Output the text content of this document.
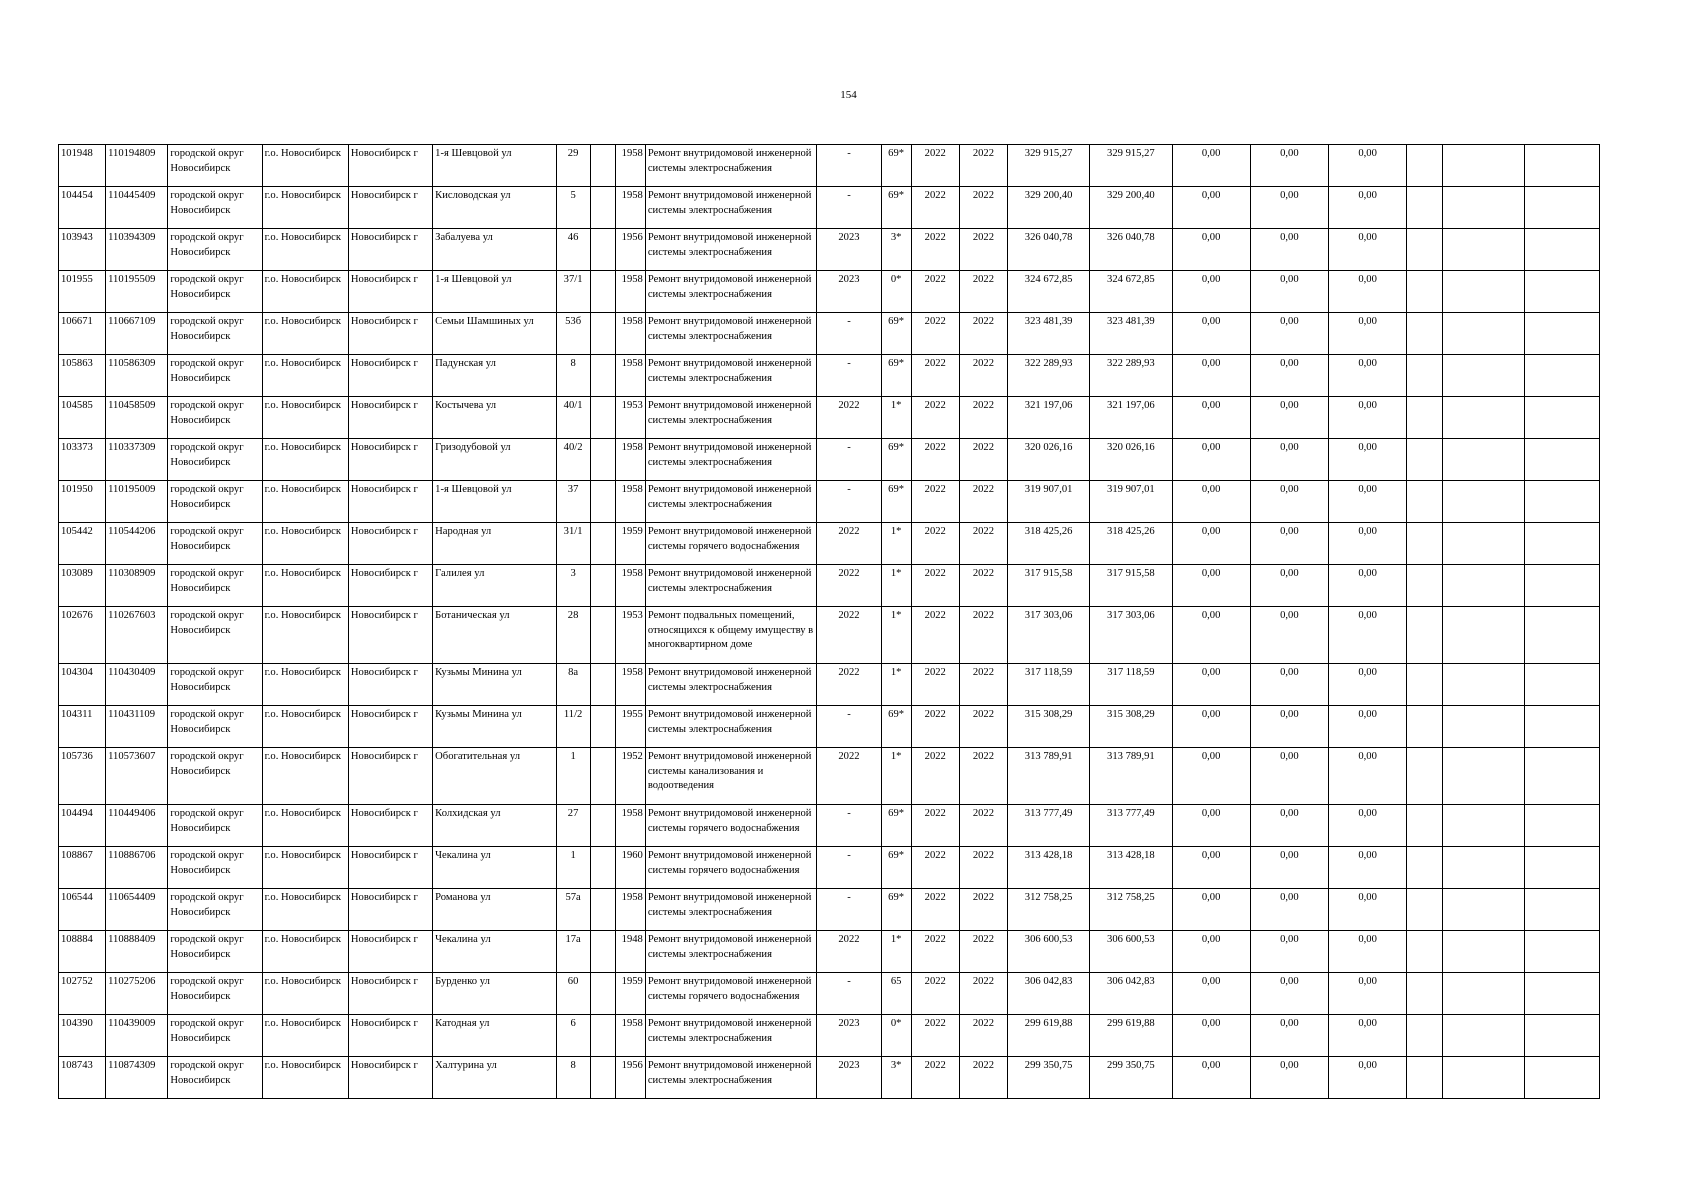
154
101948	110194809	городской округ Новосибирск	г.о. Новосибирск	Новосибирск г	1-я Шевцовой ул	29		1958	Ремонт внутридомовой инженерной системы электроснабжения	-	69*	2022	2022	329 915,27	329 915,27	0,00	0,00	0,00			
104454	110445409	городской округ Новосибирск	г.о. Новосибирск	Новосибирск г	Кисловодская ул	5		1958	Ремонт внутридомовой инженерной системы электроснабжения	-	69*	2022	2022	329 200,40	329 200,40	0,00	0,00	0,00			
103943	110394309	городской округ Новосибирск	г.о. Новосибирск	Новосибирск г	Забалуева ул	46		1956	Ремонт внутридомовой инженерной системы электроснабжения	2023	3*	2022	2022	326 040,78	326 040,78	0,00	0,00	0,00			
101955	110195509	городской округ Новосибирск	г.о. Новосибирск	Новосибирск г	1-я Шевцовой ул	37/1		1958	Ремонт внутридомовой инженерной системы электроснабжения	2023	0*	2022	2022	324 672,85	324 672,85	0,00	0,00	0,00			
106671	110667109	городской округ Новосибирск	г.о. Новосибирск	Новосибирск г	Семьи Шамшиных ул	53б		1958	Ремонт внутридомовой инженерной системы электроснабжения	-	69*	2022	2022	323 481,39	323 481,39	0,00	0,00	0,00			
105863	110586309	городской округ Новосибирск	г.о. Новосибирск	Новосибирск г	Падунская ул	8		1958	Ремонт внутридомовой инженерной системы электроснабжения	-	69*	2022	2022	322 289,93	322 289,93	0,00	0,00	0,00			
104585	110458509	городской округ Новосибирск	г.о. Новосибирск	Новосибирск г	Костычева ул	40/1		1953	Ремонт внутридомовой инженерной системы электроснабжения	2022	1*	2022	2022	321 197,06	321 197,06	0,00	0,00	0,00			
103373	110337309	городской округ Новосибирск	г.о. Новосибирск	Новосибирск г	Гризодубовой ул	40/2		1958	Ремонт внутридомовой инженерной системы электроснабжения	-	69*	2022	2022	320 026,16	320 026,16	0,00	0,00	0,00			
101950	110195009	городской округ Новосибирск	г.о. Новосибирск	Новосибирск г	1-я Шевцовой ул	37		1958	Ремонт внутридомовой инженерной системы электроснабжения	-	69*	2022	2022	319 907,01	319 907,01	0,00	0,00	0,00			
105442	110544206	городской округ Новосибирск	г.о. Новосибирск	Новосибирск г	Народная ул	31/1		1959	Ремонт внутридомовой инженерной системы горячего водоснабжения	2022	1*	2022	2022	318 425,26	318 425,26	0,00	0,00	0,00			
103089	110308909	городской округ Новосибирск	г.о. Новосибирск	Новосибирск г	Галилея ул	3		1958	Ремонт внутридомовой инженерной системы электроснабжения	2022	1*	2022	2022	317 915,58	317 915,58	0,00	0,00	0,00			
102676	110267603	городской округ Новосибирск	г.о. Новосибирск	Новосибирск г	Ботаническая ул	28		1953	Ремонт подвальных помещений, относящихся к общему имуществу в многоквартирном доме	2022	1*	2022	2022	317 303,06	317 303,06	0,00	0,00	0,00			
104304	110430409	городской округ Новосибирск	г.о. Новосибирск	Новосибирск г	Кузьмы Минина ул	8а		1958	Ремонт внутридомовой инженерной системы электроснабжения	2022	1*	2022	2022	317 118,59	317 118,59	0,00	0,00	0,00			
104311	110431109	городской округ Новосибирск	г.о. Новосибирск	Новосибирск г	Кузьмы Минина ул	11/2		1955	Ремонт внутридомовой инженерной системы электроснабжения	-	69*	2022	2022	315 308,29	315 308,29	0,00	0,00	0,00			
105736	110573607	городской округ Новосибирск	г.о. Новосибирск	Новосибирск г	Обогатительная ул	1		1952	Ремонт внутридомовой инженерной системы канализования и водоотведения	2022	1*	2022	2022	313 789,91	313 789,91	0,00	0,00	0,00			
104494	110449406	городской округ Новосибирск	г.о. Новосибирск	Новосибирск г	Колхидская ул	27		1958	Ремонт внутридомовой инженерной системы горячего водоснабжения	-	69*	2022	2022	313 777,49	313 777,49	0,00	0,00	0,00			
108867	110886706	городской округ Новосибирск	г.о. Новосибирск	Новосибирск г	Чекалина ул	1		1960	Ремонт внутридомовой инженерной системы горячего водоснабжения	-	69*	2022	2022	313 428,18	313 428,18	0,00	0,00	0,00			
106544	110654409	городской округ Новосибирск	г.о. Новосибирск	Новосибирск г	Романова ул	57а		1958	Ремонт внутридомовой инженерной системы электроснабжения	-	69*	2022	2022	312 758,25	312 758,25	0,00	0,00	0,00			
108884	110888409	городской округ Новосибирск	г.о. Новосибирск	Новосибирск г	Чекалина ул	17а		1948	Ремонт внутридомовой инженерной системы электроснабжения	2022	1*	2022	2022	306 600,53	306 600,53	0,00	0,00	0,00			
102752	110275206	городской округ Новосибирск	г.о. Новосибирск	Новосибирск г	Бурденко ул	60		1959	Ремонт внутридомовой инженерной системы горячего водоснабжения	-	65	2022	2022	306 042,83	306 042,83	0,00	0,00	0,00			
104390	110439009	городской округ Новосибирск	г.о. Новосибирск	Новосибирск г	Катодная ул	6		1958	Ремонт внутридомовой инженерной системы электроснабжения	2023	0*	2022	2022	299 619,88	299 619,88	0,00	0,00	0,00			
108743	110874309	городской округ Новосибирск	г.о. Новосибирск	Новосибирск г	Халтурина ул	8		1956	Ремонт внутридомовой инженерной системы электроснабжения	2023	3*	2022	2022	299 350,75	299 350,75	0,00	0,00	0,00			
